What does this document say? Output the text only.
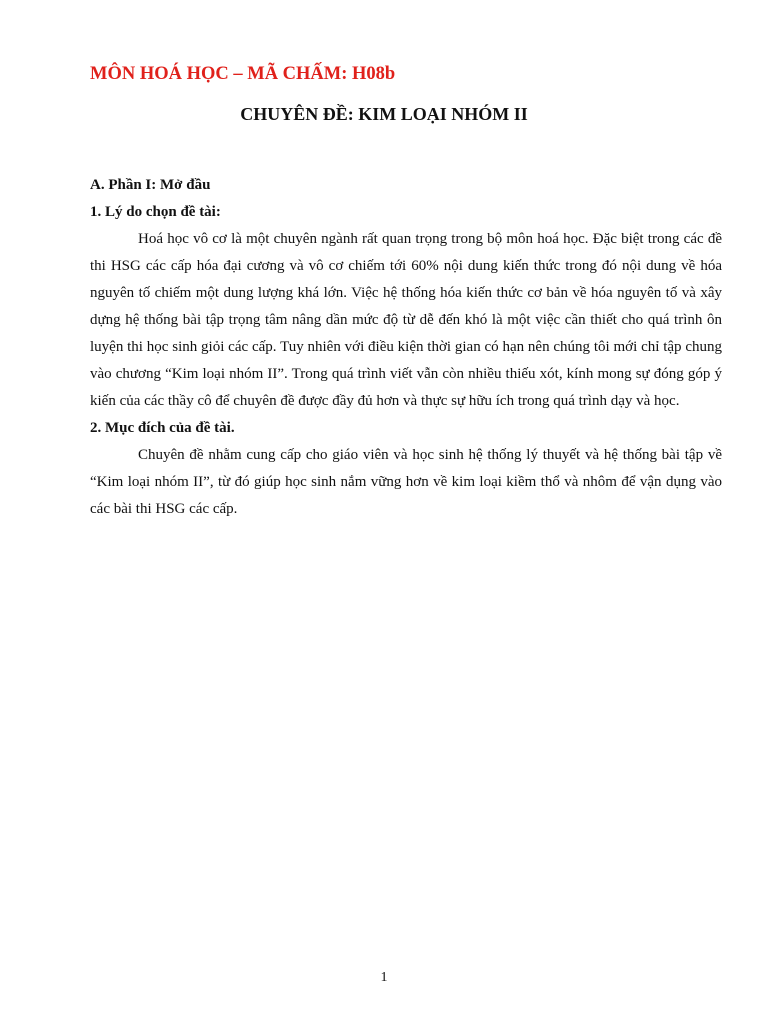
MÔN HOÁ HỌC – MÃ CHẤM: H08b
CHUYÊN ĐỀ: KIM LOẠI NHÓM II

A. Phần I: Mở đầu

1. Lý do chọn đề tài:

Hoá học vô cơ là một chuyên ngành rất quan trọng trong bộ môn hoá học. Đặc biệt trong các đề thi HSG các cấp hóa đại cương và vô cơ chiếm tới 60% nội dung kiến thức trong đó nội dung về hóa nguyên tố chiếm một dung lượng khá lớn. Việc hệ thống hóa kiến thức cơ bản về hóa nguyên tố và xây dựng hệ thống bài tập trọng tâm nâng dần mức độ từ dễ đến khó là một việc cần thiết cho quá trình ôn luyện thi học sinh giỏi các cấp. Tuy nhiên với điều kiện thời gian có hạn nên chúng tôi mới chỉ tập chung vào chương “Kim loại nhóm II”. Trong quá trình viết vẫn còn nhiều thiếu xót, kính mong sự đóng góp ý kiến của các thầy cô để chuyên đề được đầy đủ hơn và thực sự hữu ích trong quá trình dạy và học.

2. Mục đích của đề tài.

Chuyên đề nhằm cung cấp cho giáo viên và học sinh hệ thống lý thuyết và hệ thống bài tập về “Kim loại nhóm II”, từ đó giúp học sinh nắm vững hơn về kim loại kiềm thổ và nhôm để vận dụng vào các bài thi HSG các cấp.

1
